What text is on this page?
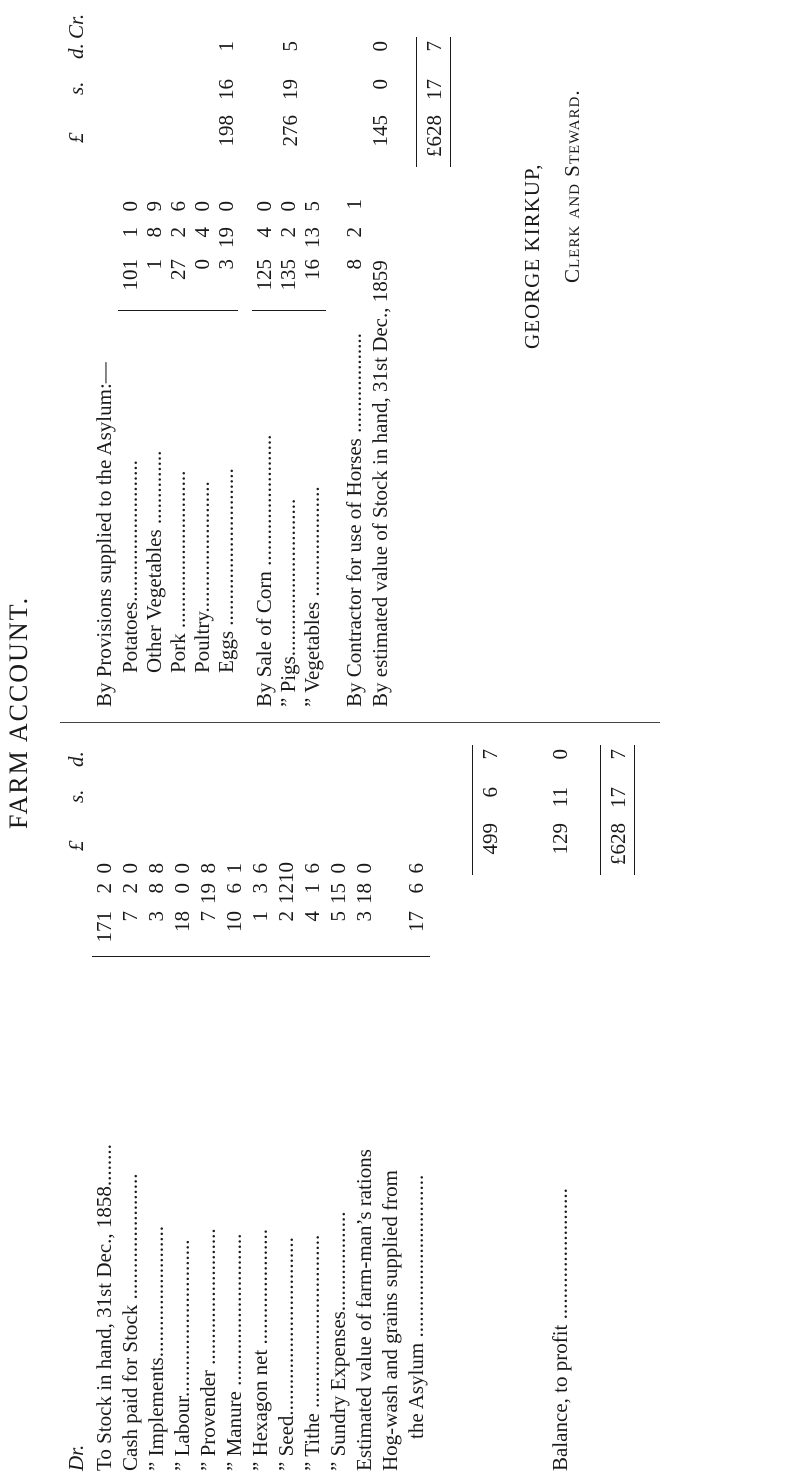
FARM ACCOUNT.
Dr.
£
s.
d.
To Stock in hand, 31st Dec., 1858........
171
2
0
Cash paid for Stock ........................
7
2
0
” Implements.........................
3
8
8
” Labour..............................
18
0
0
” Provender ..........................
7
19
8
” Manure .............................
10
6
1
” Hexagon net ......................
1
3
6
” Seed..................................
2
12
10
” Tithe .................................
4
1
6
” Sundry Expenses...................
5
15
0
Estimated value of farm-man’s rations
3
18
0
Hog-wash and grains supplied from the Asylum ...............................
17
6
6
499
6
7
Balance, to profit .........................
129
11
0
£628
17
7
Cr.
£
s.
d.
By Provisions supplied to the Asylum:— Potatoes...........................
101
1
0
Other Vegetables ..............
1
8
9
Pork ..............................
27
2
6
Poultry.........................
0
4
0
Eggs ..............................
3
19
0
198
16
1
By Sale of Corn .........................
125
4
0
” Pigs..............................
135
2
0
” Vegetables .....................
16
13
5
276
19
5
By Contractor for use of Horses ...................
8
2
1
By estimated value of Stock in hand, 31st Dec., 1859
145
0
0
£628
17
7
GEORGE KIRKUP, Clerk and Steward.
